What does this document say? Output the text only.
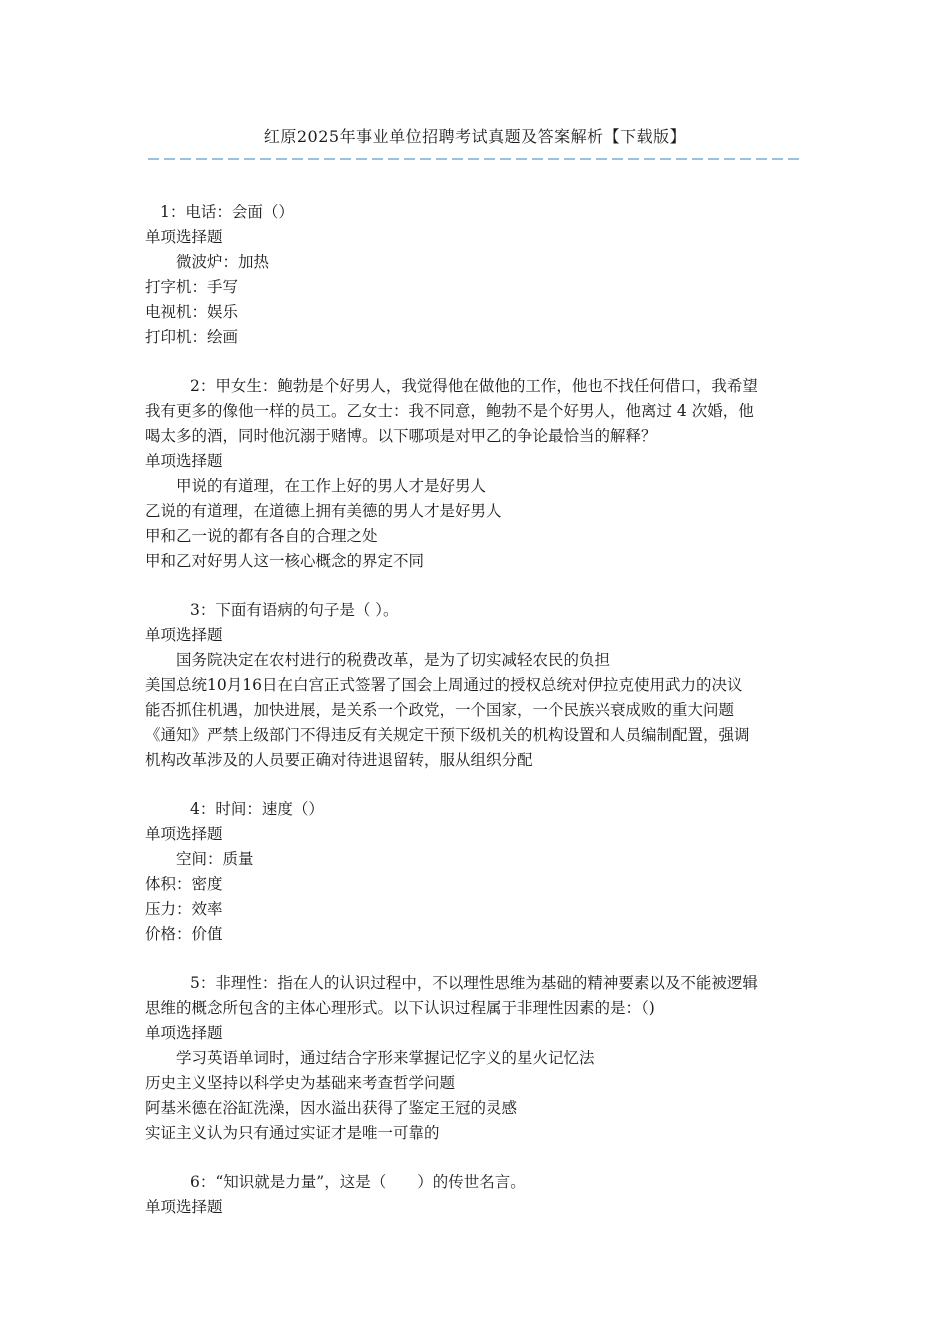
红原2025年事业单位招聘考试真题及答案解析【下载版】
1：电话：会面（）
单项选择题
微波炉：加热
打字机：手写
电视机：娱乐
打印机：绘画
2：甲女生：鲍勃是个好男人，我觉得他在做他的工作，他也不找任何借口，我希望
我有更多的像他一样的员工。乙女士：我不同意，鲍勃不是个好男人，他离过 4 次婚，他
喝太多的酒，同时他沉溺于赌博。以下哪项是对甲乙的争论最恰当的解释？
单项选择题
甲说的有道理，在工作上好的男人才是好男人
乙说的有道理，在道德上拥有美德的男人才是好男人
甲和乙一说的都有各自的合理之处
甲和乙对好男人这一核心概念的界定不同
3：下面有语病的句子是（ ）。
单项选择题
国务院决定在农村进行的税费改革，是为了切实减轻农民的负担
美国总统10月16日在白宫正式签署了国会上周通过的授权总统对伊拉克使用武力的决议
能否抓住机遇，加快进展，是关系一个政党，一个国家，一个民族兴衰成败的重大问题
《通知》严禁上级部门不得违反有关规定干预下级机关的机构设置和人员编制配置，强调
机构改革涉及的人员要正确对待进退留转，服从组织分配
4：时间：速度（）
单项选择题
空间：质量
体积：密度
压力：效率
价格：价值
5：非理性：指在人的认识过程中，不以理性思维为基础的精神要素以及不能被逻辑
思维的概念所包含的主体心理形式。以下认识过程属于非理性因素的是：（)
单项选择题
学习英语单词时，通过结合字形来掌握记忆字义的星火记忆法
历史主义坚持以科学史为基础来考查哲学问题
阿基米德在浴缸洗澡，因水溢出获得了鉴定王冠的灵感
实证主义认为只有通过实证才是唯一可靠的
6：“知识就是力量”，这是（　　）的传世名言。
单项选择题
